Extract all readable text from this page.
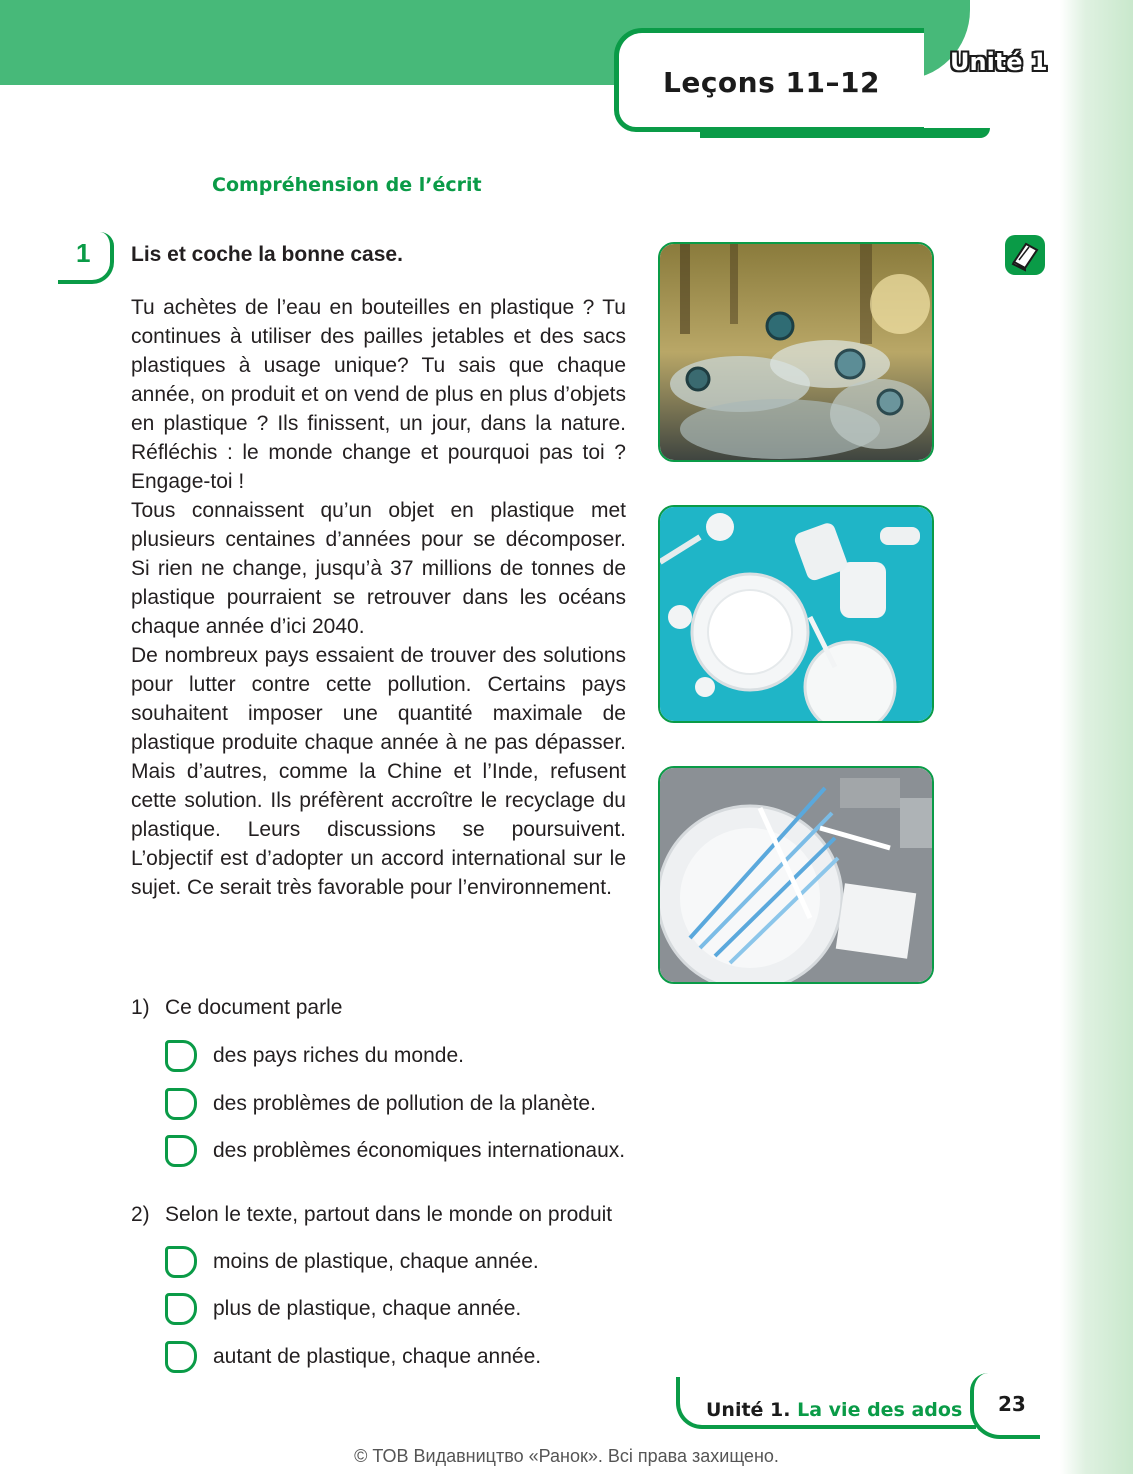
Leçons 11–12
Unité 1
Compréhension de l’écrit
1 Lis et coche la bonne case.

Tu achètes de l’eau en bouteilles en plastique ? Tu continues à utiliser des pailles jetables et des sacs plastiques à usage unique? Tu sais que chaque année, on produit et on vend de plus en plus d’objets en plastique ? Ils finissent, un jour, dans la nature. Réfléchis : le monde change et pourquoi pas toi ? Engage-toi !

Tous connaissent qu’un objet en plastique met plusieurs centaines d’années pour se décomposer. Si rien ne change, jusqu’à 37 millions de tonnes de plastique pourraient se retrouver dans les océans chaque année d’ici 2040.

De nombreux pays essaient de trouver des solutions pour lutter contre cette pollution. Certains pays souhaitent imposer une quantité maximale de plastique produite chaque année à ne pas dépasser. Mais d’autres, comme la Chine et l’Inde, refusent cette solution. Ils préfèrent accroître le recyclage du plastique. Leurs discussions se poursuivent. L’objectif est d’adopter un accord international sur le sujet. Ce serait très favorable pour l’environnement.

1) Ce document parle
des pays riches du monde.
des problèmes de pollution de la planète.
des problèmes économiques internationaux.
2) Selon le texte, partout dans le monde on produit
moins de plastique, chaque année.
plus de plastique, chaque année.
autant de plastique, chaque année.
Unité 1. La vie des ados 23
© ТОВ Видавництво «Ранок». Всі права захищено.
